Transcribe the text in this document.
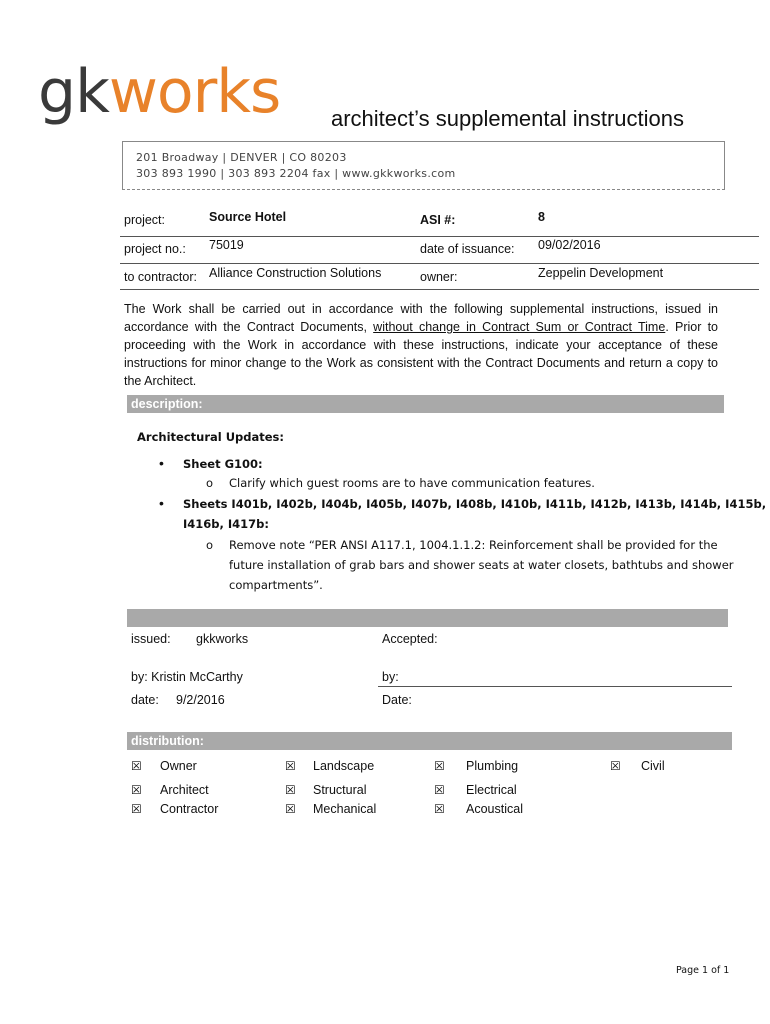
gkworks architect’s supplemental instructions
201 Broadway | DENVER | CO 80203
303 893 1990 | 303 893 2204 fax | www.gkkworks.com
project:	Source Hotel	ASI #:	8
project no.: 75019	date of issuance: 09/02/2016
to contractor: Alliance Construction Solutions	owner:	Zeppelin Development
The Work shall be carried out in accordance with the following supplemental instructions, issued in accordance with the Contract Documents, without change in Contract Sum or Contract Time. Prior to proceeding with the Work in accordance with these instructions, indicate your acceptance of these instructions for minor change to the Work as consistent with the Contract Documents and return a copy to the Architect.
description:
Architectural Updates:
• Sheet G100:
o Clarify which guest rooms are to have communication features.
• Sheets I401b, I402b, I404b, I405b, I407b, I408b, I410b, I411b, I412b, I413b, I414b, I415b,
I416b, I417b:
o Remove note “PER ANSI A117.1, 1004.1.1.2: Reinforcement shall be provided for the
future installation of grab bars and shower seats at water closets, bathtubs and shower
compartments”.
issued: gkkworks	Accepted:
by: Kristin McCarthy	by:
date: 9/2/2016	Date:
distribution:
☒ Owner	☒ Landscape	☒ Plumbing	☒ Civil
☒ Architect	☒ Structural	☒ Electrical
☒ Contractor	☒ Mechanical	☒ Acoustical
Page 1 of 1
